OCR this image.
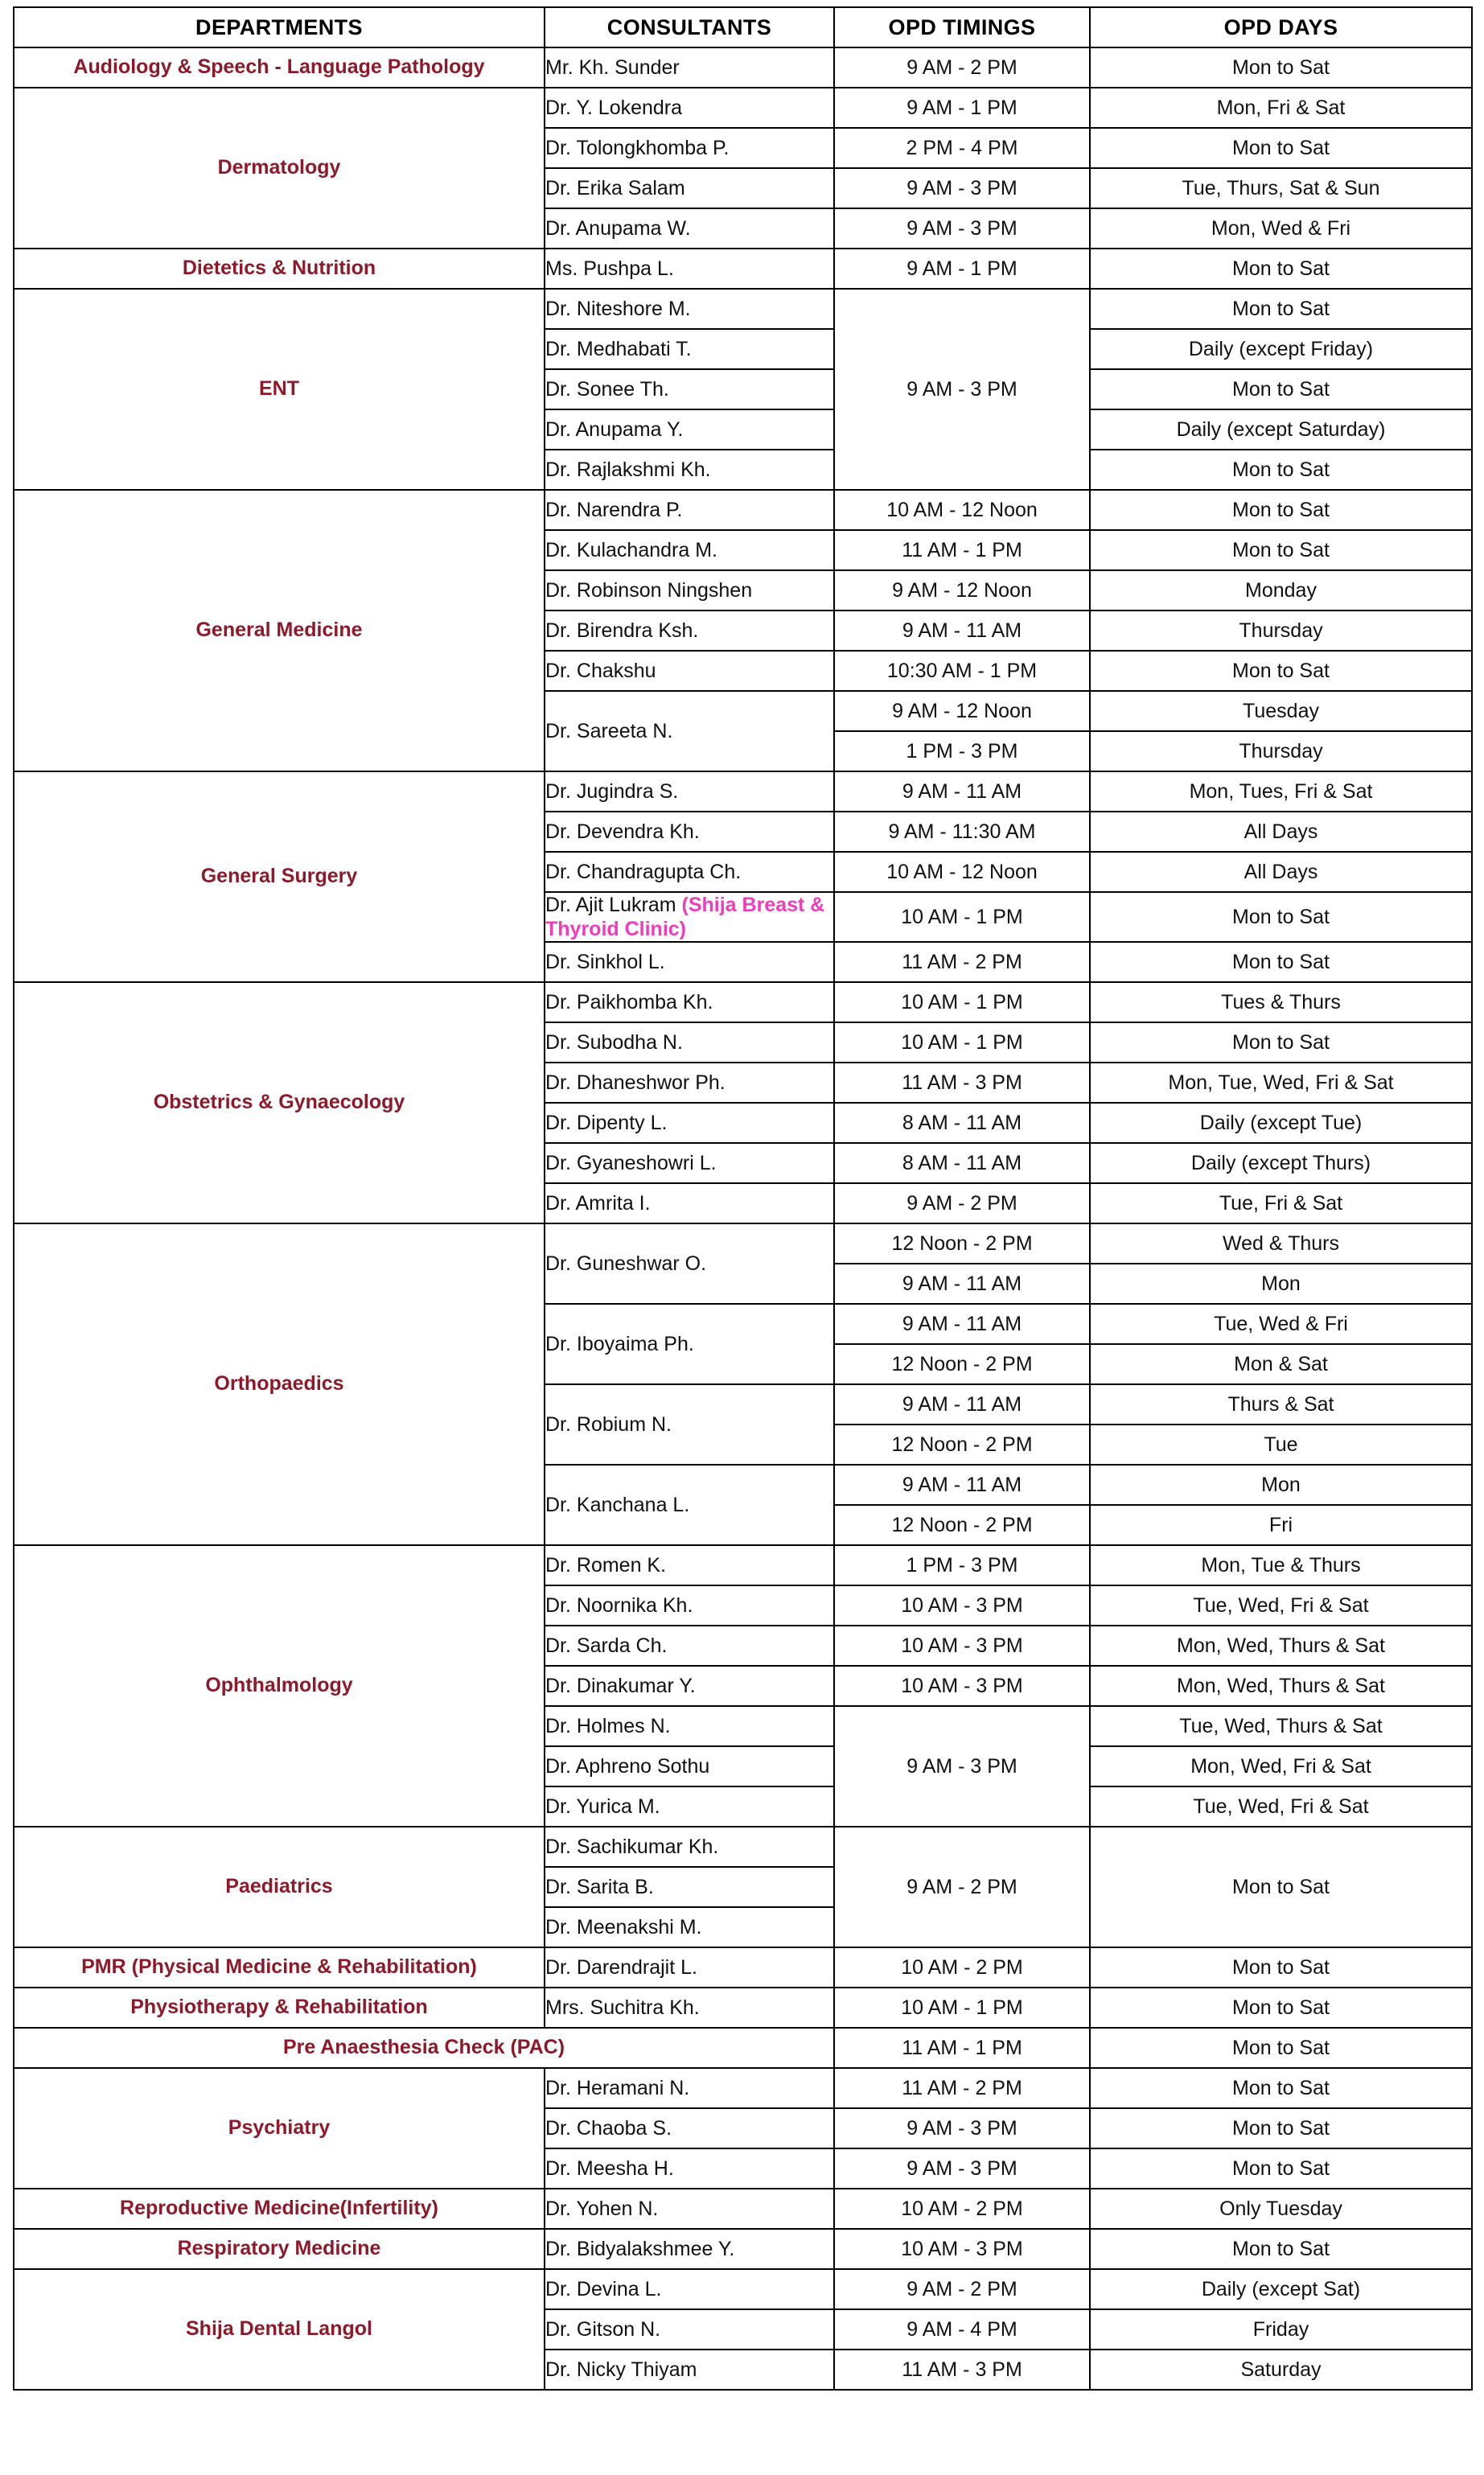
DEPARTMENTS	CONSULTANTS	OPD TIMINGS	OPD DAYS
Audiology & Speech - Language Pathology	Mr. Kh. Sunder	9 AM - 2 PM	Mon to Sat
Dermatology	Dr. Y. Lokendra	9 AM - 1 PM	Mon, Fri & Sat
	Dr. Tolongkhomba P.	2 PM - 4 PM	Mon to Sat
	Dr. Erika Salam	9 AM - 3 PM	Tue, Thurs, Sat & Sun
	Dr. Anupama W.	9 AM - 3 PM	Mon, Wed & Fri
Dietetics & Nutrition	Ms. Pushpa L.	9 AM - 1 PM	Mon to Sat
ENT	Dr. Niteshore M.	9 AM - 3 PM	Mon to Sat
	Dr. Medhabati T.		Daily (except Friday)
	Dr. Sonee Th.		Mon to Sat
	Dr. Anupama Y.		Daily (except Saturday)
	Dr. Rajlakshmi Kh.		Mon to Sat
General Medicine	Dr. Narendra P.	10 AM - 12 Noon	Mon to Sat
	Dr. Kulachandra M.	11 AM - 1 PM	Mon to Sat
	Dr. Robinson Ningshen	9 AM - 12 Noon	Monday
	Dr. Birendra Ksh.	9 AM - 11 AM	Thursday
	Dr. Chakshu	10:30 AM - 1 PM	Mon to Sat
	Dr. Sareeta N.	9 AM - 12 Noon	Tuesday
		1 PM - 3 PM	Thursday
General Surgery	Dr. Jugindra S.	9 AM - 11 AM	Mon, Tues, Fri & Sat
	Dr. Devendra Kh.	9 AM - 11:30 AM	All Days
	Dr. Chandragupta Ch.	10 AM - 12 Noon	All Days
	Dr. Ajit Lukram (Shija Breast & Thyroid Clinic)	10 AM - 1 PM	Mon to Sat
	Dr. Sinkhol L.	11 AM - 2 PM	Mon to Sat
Obstetrics & Gynaecology	Dr. Paikhomba Kh.	10 AM - 1 PM	Tues & Thurs
	Dr. Subodha N.	10 AM - 1 PM	Mon to Sat
	Dr. Dhaneshwor Ph.	11 AM - 3 PM	Mon, Tue, Wed, Fri & Sat
	Dr. Dipenty L.	8 AM - 11 AM	Daily (except Tue)
	Dr. Gyaneshowri L.	8 AM - 11 AM	Daily (except Thurs)
	Dr. Amrita I.	9 AM - 2 PM	Tue, Fri & Sat
Orthopaedics	Dr. Guneshwar O.	12 Noon - 2 PM	Wed & Thurs
		9 AM - 11 AM	Mon
	Dr. Iboyaima Ph.	9 AM - 11 AM	Tue, Wed & Fri
		12 Noon - 2 PM	Mon & Sat
	Dr. Robium N.	9 AM - 11 AM	Thurs & Sat
		12 Noon - 2 PM	Tue
	Dr. Kanchana L.	9 AM - 11 AM	Mon
		12 Noon - 2 PM	Fri
Ophthalmology	Dr. Romen K.	1 PM - 3 PM	Mon, Tue & Thurs
	Dr. Noornika Kh.	10 AM - 3 PM	Tue, Wed, Fri & Sat
	Dr. Sarda Ch.	10 AM - 3 PM	Mon, Wed, Thurs & Sat
	Dr. Dinakumar Y.	10 AM - 3 PM	Mon, Wed, Thurs & Sat
	Dr. Holmes N.	9 AM - 3 PM	Tue, Wed, Thurs & Sat
	Dr. Aphreno Sothu		Mon, Wed, Fri & Sat
	Dr. Yurica M.		Tue, Wed, Fri & Sat
Paediatrics	Dr. Sachikumar Kh.	9 AM - 2 PM	Mon to Sat
	Dr. Sarita B.		
	Dr. Meenakshi M.		
PMR (Physical Medicine & Rehabilitation)	Dr. Darendrajit L.	10 AM - 2 PM	Mon to Sat
Physiotherapy & Rehabilitation	Mrs. Suchitra Kh.	10 AM - 1 PM	Mon to Sat
Pre Anaesthesia Check (PAC)		11 AM - 1 PM	Mon to Sat
Psychiatry	Dr. Heramani N.	11 AM - 2 PM	Mon to Sat
	Dr. Chaoba S.	9 AM - 3 PM	Mon to Sat
	Dr. Meesha H.	9 AM - 3 PM	Mon to Sat
Reproductive Medicine(Infertility)	Dr. Yohen N.	10 AM - 2 PM	Only Tuesday
Respiratory Medicine	Dr. Bidyalakshmee Y.	10 AM - 3 PM	Mon to Sat
Shija Dental Langol	Dr. Devina L.	9 AM - 2 PM	Daily (except Sat)
	Dr. Gitson N.	9 AM - 4 PM	Friday
	Dr. Nicky Thiyam	11 AM - 3 PM	Saturday
